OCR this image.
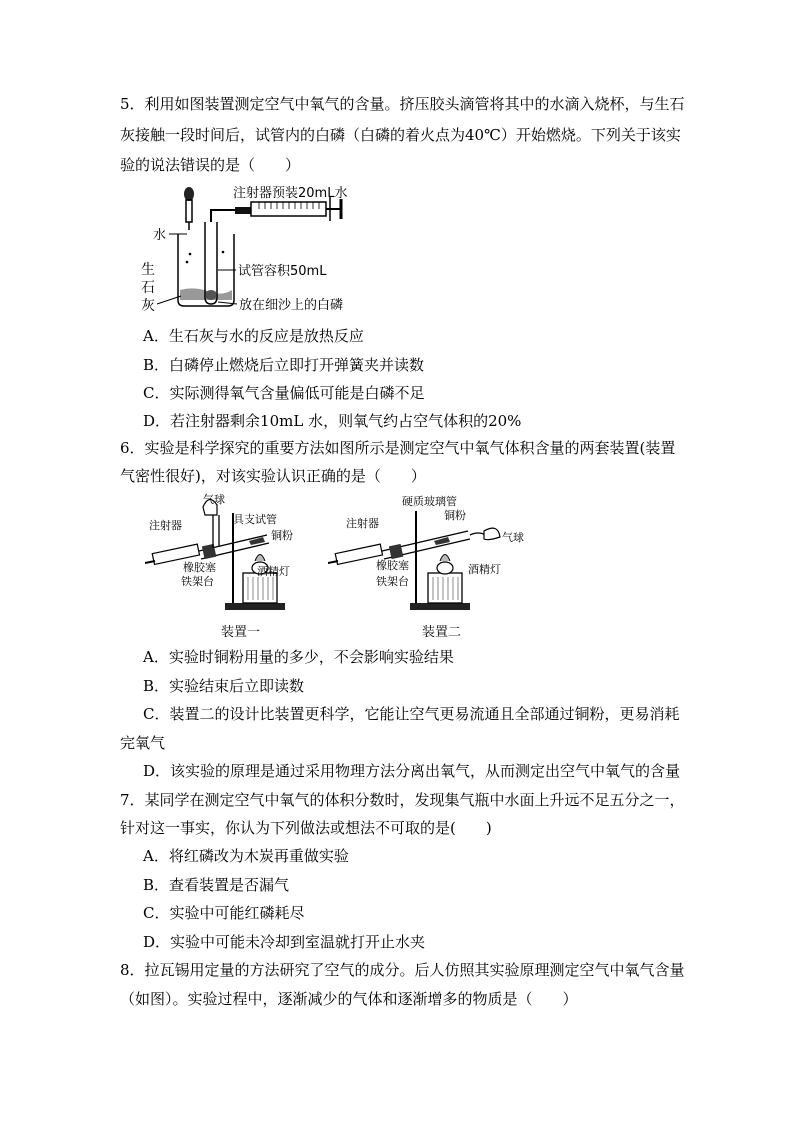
5．利用如图装置测定空气中氧气的含量。挤压胶头滴管将其中的水滴入烧杯，与生石
灰接触一段时间后，试管内的白磷（白磷的着火点为40℃）开始燃烧。下列关于该实
验的说法错误的是（　　）
注射器预装20mL水
水
试管容积50mL
生
石
灰	放在细沙上的白磷
A．生石灰与水的反应是放热反应
B．白磷停止燃烧后立即打开弹簧夹并读数
C．实际测得氧气含量偏低可能是白磷不足
D．若注射器剩余10mL 水，则氧气约占空气体积的20%
6．实验是科学探究的重要方法如图所示是测定空气中氧气体积含量的两套装置(装置
气密性很好)，对该实验认识正确的是（　　）
气球
注射器	具支试管
铜粉
橡胶塞
铁架台
酒精灯
装置一
硬质玻璃管
铜粉
注射器
气球
橡胶塞	酒精灯
铁架台
装置二
A．实验时铜粉用量的多少，不会影响实验结果
B．实验结束后立即读数
C．装置二的设计比装置更科学，它能让空气更易流通且全部通过铜粉，更易消耗
完氧气
D．该实验的原理是通过采用物理方法分离出氧气，从而测定出空气中氧气的含量
7．某同学在测定空气中氧气的体积分数时，发现集气瓶中水面上升远不足五分之一，
针对这一事实，你认为下列做法或想法不可取的是(　　)
A．将红磷改为木炭再重做实验
B．查看装置是否漏气
C．实验中可能红磷耗尽
D．实验中可能未冷却到室温就打开止水夹
8．拉瓦锡用定量的方法研究了空气的成分。后人仿照其实验原理测定空气中氧气含量
（如图）。实验过程中，逐渐减少的气体和逐渐增多的物质是（　　）
